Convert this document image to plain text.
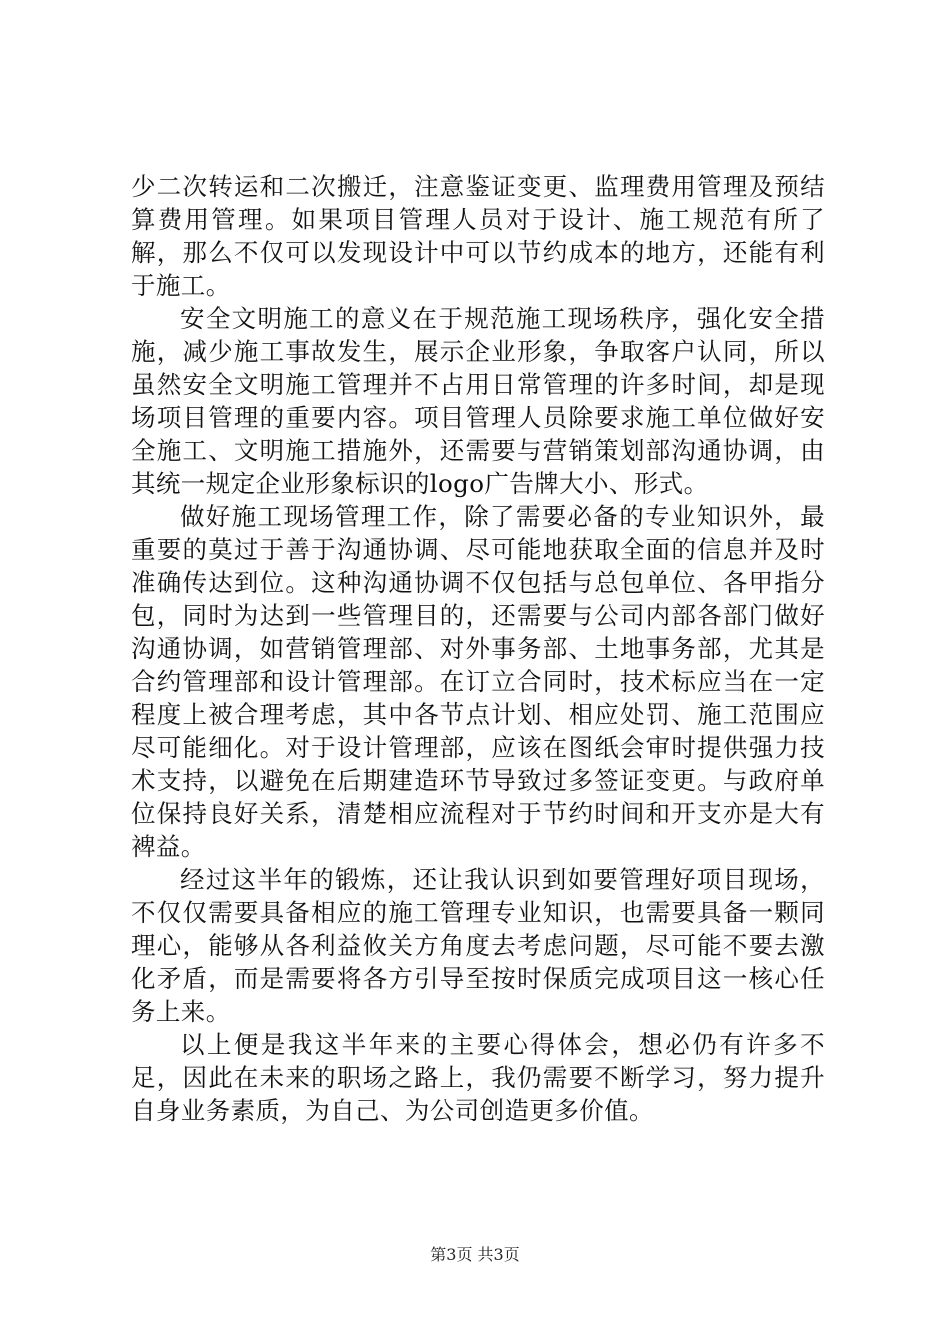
少二次转运和二次搬迁，注意鉴证变更、监理费用管理及预结算费用管理。如果项目管理人员对于设计、施工规范有所了解，那么不仅可以发现设计中可以节约成本的地方，还能有利于施工。

安全文明施工的意义在于规范施工现场秩序，强化安全措施，减少施工事故发生，展示企业形象，争取客户认同，所以虽然安全文明施工管理并不占用日常管理的许多时间，却是现场项目管理的重要内容。项目管理人员除要求施工单位做好安全施工、文明施工措施外，还需要与营销策划部沟通协调，由其统一规定企业形象标识的logo广告牌大小、形式。

做好施工现场管理工作，除了需要必备的专业知识外，最重要的莫过于善于沟通协调、尽可能地获取全面的信息并及时准确传达到位。这种沟通协调不仅包括与总包单位、各甲指分包，同时为达到一些管理目的，还需要与公司内部各部门做好沟通协调，如营销管理部、对外事务部、土地事务部，尤其是合约管理部和设计管理部。在订立合同时，技术标应当在一定程度上被合理考虑，其中各节点计划、相应处罚、施工范围应尽可能细化。对于设计管理部，应该在图纸会审时提供强力技术支持，以避免在后期建造环节导致过多签证变更。与政府单位保持良好关系，清楚相应流程对于节约时间和开支亦是大有裨益。

经过这半年的锻炼，还让我认识到如要管理好项目现场，不仅仅需要具备相应的施工管理专业知识，也需要具备一颗同理心，能够从各利益攸关方角度去考虑问题，尽可能不要去激化矛盾，而是需要将各方引导至按时保质完成项目这一核心任务上来。

以上便是我这半年来的主要心得体会，想必仍有许多不足，因此在未来的职场之路上，我仍需要不断学习，努力提升自身业务素质，为自己、为公司创造更多价值。

第3页 共3页
